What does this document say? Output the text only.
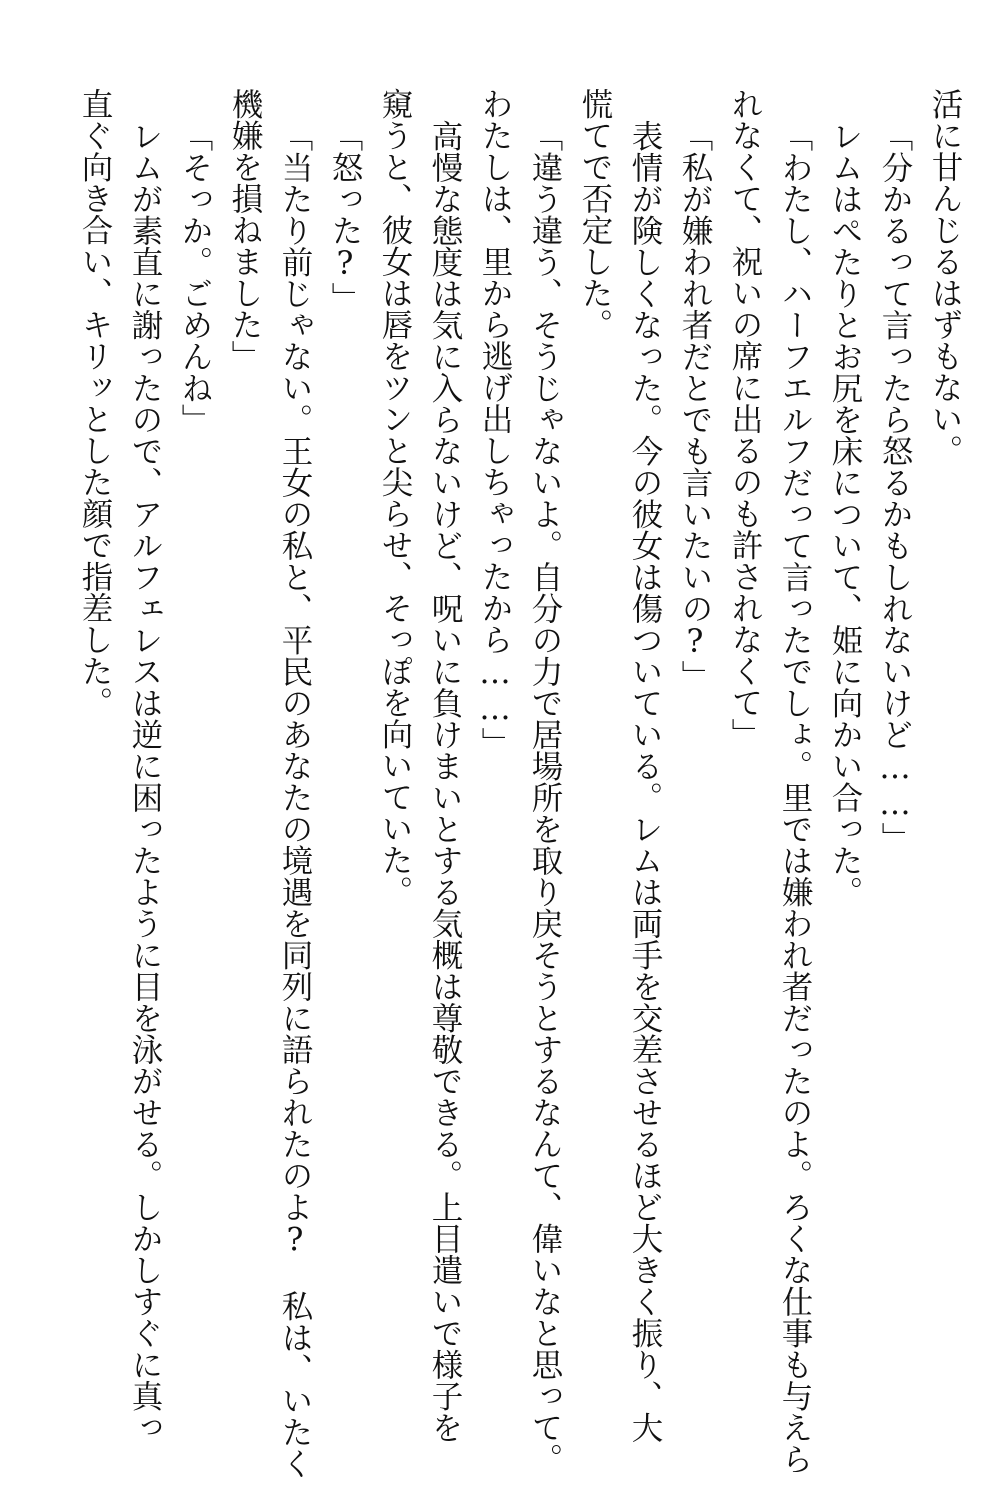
活に甘んじるはずもない。

「分かるって言ったら怒るかもしれないけど……」

レムはぺたりとお尻を床について、姫に向かい合った。

「わたし、ハーフエルフだって言ったでしょ。里では嫌われ者だったのよ。ろくな仕事も与えら

れなくて、祝いの席に出るのも許されなくて」

「私が嫌われ者だとでも言いたいの?」

表情が険しくなった。今の彼女は傷ついている。レムは両手を交差させるほど大きく振り、大

慌てで否定した。

「違う違う、そうじゃないよ。自分の力で居場所を取り戻そうとするなんて、偉いなと思って。

わたしは、里から逃げ出しちゃったから……」

高慢な態度は気に入らないけど、呪いに負けまいとする気概は尊敬できる。上目遣いで様子を

窺うと、彼女は唇をツンと尖らせ、そっぽを向いていた。

「怒った?」

「当たり前じゃない。王女の私と、平民のあなたの境遇を同列に語られたのよ?　私は、いたく

機嫌を損ねました」

「そっか。ごめんね」

レムが素直に謝ったので、アルフェレスは逆に困ったように目を泳がせる。しかしすぐに真っ

直ぐ向き合い、キリッとした顔で指差した。
